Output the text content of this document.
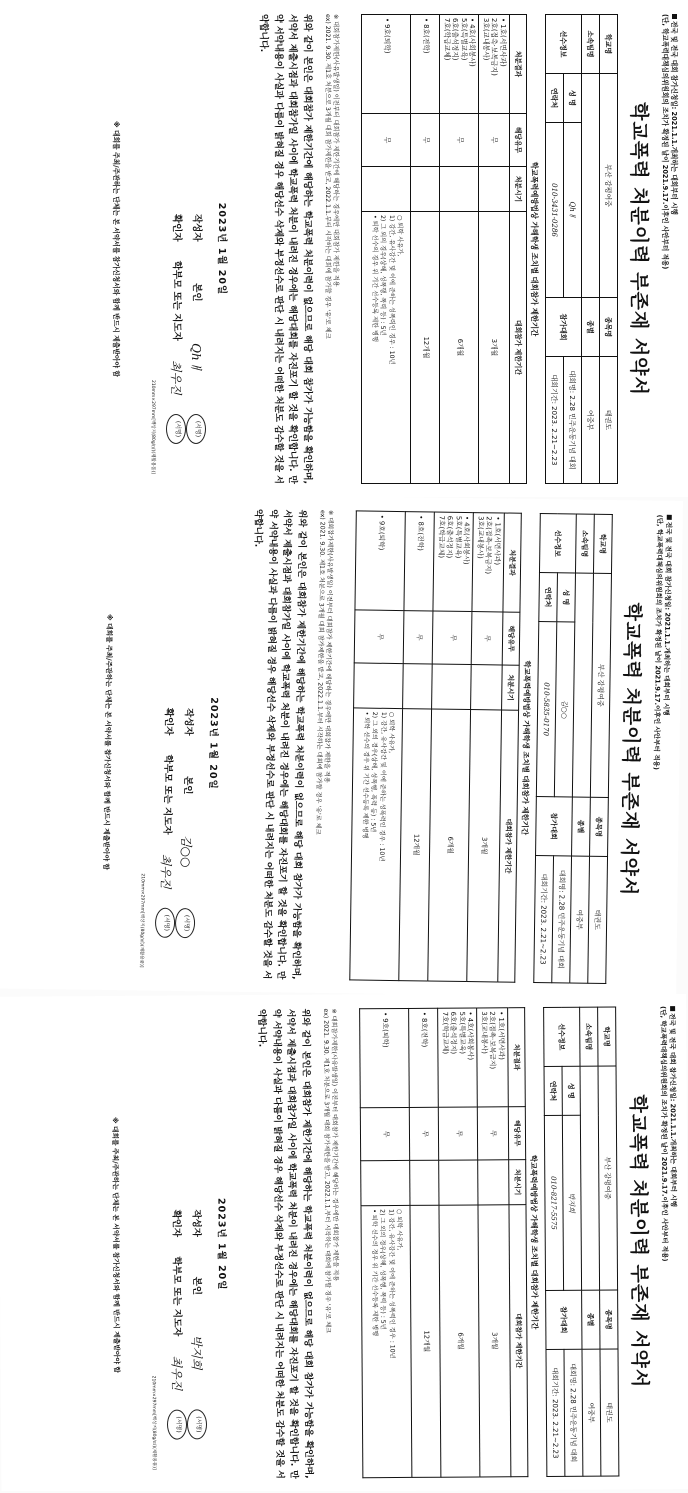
전국 및 전국 대회 참가신청일: 2021.1.1.개최하는 대회부터 시행
(단, 학교폭력대책심의위원회의 조치가 확정된 날이 2021.9.17.이후인 사안부터 적용)
학교폭력 처분이력 부존재 서약서
학교명	부산 강평여중		종목명	태권도
소속팀명			종별	여중부
선수정보	성 명	Qhㅐ	참가대회	대회명: 2.28 민주운동기념 대회
	연락처	010-3431-0286		대회기간: 2023. 2.21~2.23
학교폭력예방법상 가해학생 조치별 대회참가 제한기간
처분결과	해당유무	처분시기	대회참가 제한기간

• 1호(서면사과)
2호(접촉·보복금지)
3호(교내봉사)	무		3개월

• 4호(사회봉사)
5호(특별교육)
6호(출석정지)
7호(학급교체)	무		6개월

• 8호(전학)	무		12개월

• 9호(퇴학)	무		○ 퇴학 사유가,
1) 강간, 유사강간 및 이에 준하는 성폭력인 경우 : 10년
2) 그 외의 경우(상해, 성폭행, 폭력 등) : 5년
• 퇴학 선수의 경우 위 기간 선수등록 제한 병행
※ 대회참가제한(사유발생일) 이전부터 대회참가 제한기간에 해당하는 경우에만 대회참가 제한을 적용
ex) 2021. 9.30. 제1호 처분으로 3개월 대회 참가제한을 받고, 2022.1.1.부터 시작하는 대회에 참가할 경우 '유'로 체크
위와 같이 본인은 대회참가 제한기간에 해당하는 학교폭력 처분이력이 없으므로 해당 대회 참가가 가능함을 확인하며, 서약서 제출시점과 대회참가일 사이에 학교폭력 처분이 내려진 경우에는 해당대회를 자진포기 할 것을 확인합니다. 만약 서약내용이 사실과 다름이 밝혀질 경우 해당선수 삭제와 부정선수로 판단 시 내려지는 어떠한 처분도 감수할 것을 서약합니다.
2023년 1월 20일
작성자
본인
Qhㅐ
(서명)
확인자
학부모 또는 지도자
최우진
(서명)
210mm×297mm[백상지(80g/㎡)(재활용품)]
※ 대회를 주최/주관하는 단체는 본 서약서를 참가신청서와 함께 반드시 제출받아야 함
전국 및 전국 대회 참가신청일: 2021.1.1.개최하는 대회부터 시행
(단, 학교폭력대책심의위원회의 조치가 확정된 날이 2021.9.17.이후인 사안부터 적용)
학교폭력 처분이력 부존재 서약서
학교명	부산 강평여중		종목명	태권도
소속팀명			종별	여중부
선수정보	성 명	김○○	참가대회	대회명: 2.28 민주운동기념 대회
	연락처	010-5835-0170		대회기간: 2023. 2.21~2.23
학교폭력예방법상 가해학생 조치별 대회참가 제한기간
처분결과	해당유무	처분시기	대회참가 제한기간

• 1호(서면사과)
2호(접촉·보복금지)
3호(교내봉사)	무		3개월

• 4호(사회봉사)
5호(특별교육)
6호(출석정지)
7호(학급교체)	무		6개월

• 8호(전학)	무		12개월

• 9호(퇴학)	무		○ 퇴학 사유가,
1) 강간, 유사강간 및 이에 준하는 성폭력인 경우 : 10년
2) 그 외의 경우(상해, 성폭행, 폭력 등) : 5년
• 퇴학 선수의 경우 위 기간 선수등록 제한 병행
※ 대회참가제한(사유발생일) 이전부터 대회참가 제한기간에 해당하는 경우에만 대회참가 제한을 적용
ex) 2021. 9.30. 제1호 처분으로 3개월 대회 참가제한을 받고, 2022.1.1.부터 시작하는 대회에 참가할 경우 '유'로 체크
위와 같이 본인은 대회참가 제한기간에 해당하는 학교폭력 처분이력이 없으므로 해당 대회 참가가 가능함을 확인하며, 서약서 제출시점과 대회참가일 사이에 학교폭력 처분이 내려진 경우에는 해당대회를 자진포기 할 것을 확인합니다. 만약 서약내용이 사실과 다름이 밝혀질 경우 해당선수 삭제와 부정선수로 판단 시 내려지는 어떠한 처분도 감수할 것을 서약합니다.
2023년 1월 20일
작성자
본인
김○○
(서명)
확인자
학부모 또는 지도자
최우진
(서명)
210mm×297mm[백상지(80g/㎡)(재활용품)]
※ 대회를 주최/주관하는 단체는 본 서약서를 참가신청서와 함께 반드시 제출받아야 함
전국 및 전국 대회 참가신청일: 2021.1.1.개최하는 대회부터 시행
(단, 학교폭력대책심의위원회의 조치가 확정된 날이 2021.9.17.이후인 사안부터 적용)
학교폭력 처분이력 부존재 서약서
학교명	부산 강평여중		종목명	태권도
소속팀명			종별	여중부
선수정보	성 명	박지희	참가대회	대회명: 2.28 민주운동기념 대회
	연락처	010-8217-5575		대회기간: 2023. 2.21~2.23
학교폭력예방법상 가해학생 조치별 대회참가 제한기간
처분결과	해당유무	처분시기	대회참가 제한기간

• 1호(서면사과)
2호(접촉·보복금지)
3호(교내봉사)	무		3개월

• 4호(사회봉사)
5호(특별교육)
6호(출석정지)
7호(학급교체)	무		6개월

• 8호(전학)	무		12개월

• 9호(퇴학)	무		○ 퇴학 사유가,
1) 강간, 유사강간 및 이에 준하는 성폭력인 경우 : 10년
2) 그 외의 경우(상해, 성폭행, 폭력 등) : 5년
• 퇴학 선수의 경우 위 기간 선수등록 제한 병행
※ 대회참가제한(사유발생일) 이전부터 대회참가 제한기간에 해당하는 경우에만 대회참가 제한을 적용
ex) 2021. 9.30. 제1호 처분으로 3개월 대회 참가제한을 받고, 2022.1.1.부터 시작하는 대회에 참가할 경우 '유'로 체크
위와 같이 본인은 대회참가 제한기간에 해당하는 학교폭력 처분이력이 없으므로 해당 대회 참가가 가능함을 확인하며, 서약서 제출시점과 대회참가일 사이에 학교폭력 처분이 내려진 경우에는 해당대회를 자진포기 할 것을 확인합니다. 만약 서약내용이 사실과 다름이 밝혀질 경우 해당선수 삭제와 부정선수로 판단 시 내려지는 어떠한 처분도 감수할 것을 서약합니다.
2023년 1월 20일
작성자
본인
박지희
(서명)
확인자
학부모 또는 지도자
최우진
(서명)
210mm×297mm[백상지(80g/㎡)(재활용품)]
※ 대회를 주최/주관하는 단체는 본 서약서를 참가신청서와 함께 반드시 제출받아야 함
